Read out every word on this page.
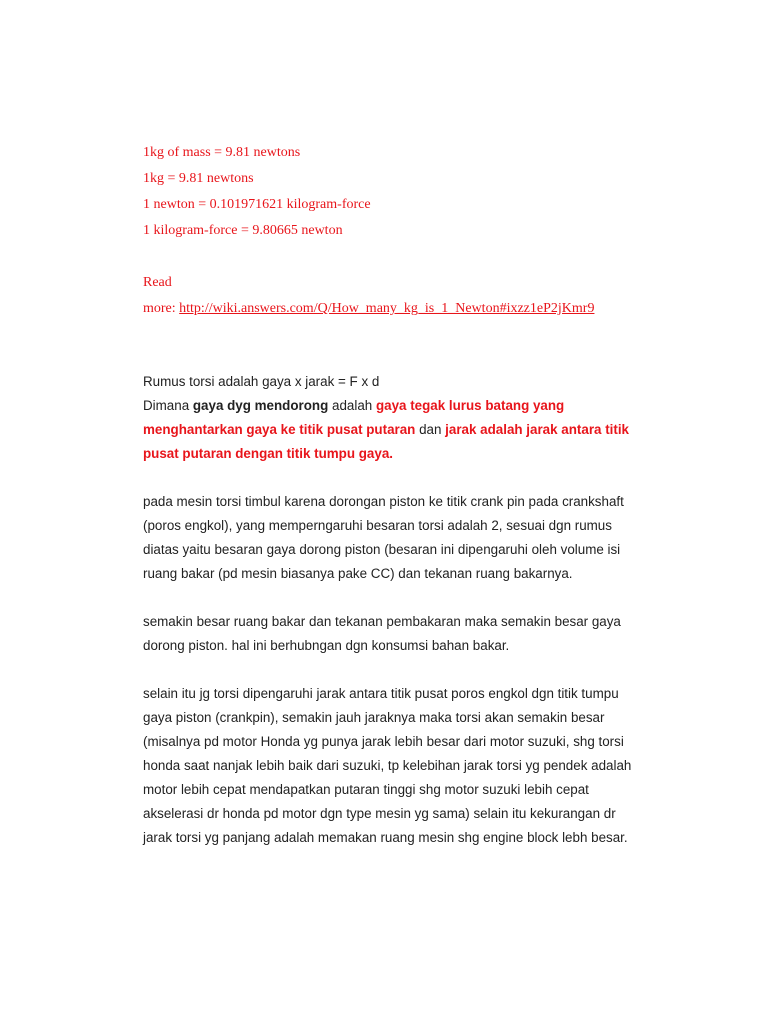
1kg of mass = 9.81 newtons

1kg = 9.81 newtons

1 newton = 0.101971621 kilogram-force

1 kilogram-force = 9.80665 newton

Read

more: http://wiki.answers.com/Q/How_many_kg_is_1_Newton#ixzz1eP2jKmr9

Rumus torsi adalah gaya x jarak = F x d

Dimana gaya dyg mendorong adalah gaya tegak lurus batang yang

menghantarkan gaya ke titik pusat putaran dan jarak adalah jarak antara titik

pusat putaran dengan titik tumpu gaya.

pada mesin torsi timbul karena dorongan piston ke titik crank pin pada crankshaft

(poros engkol), yang memperngaruhi besaran torsi adalah 2, sesuai dgn rumus

diatas yaitu besaran gaya dorong piston (besaran ini dipengaruhi oleh volume isi

ruang bakar (pd mesin biasanya pake CC) dan tekanan ruang bakarnya.

semakin besar ruang bakar dan tekanan pembakaran maka semakin besar gaya

dorong piston. hal ini berhubngan dgn konsumsi bahan bakar.

selain itu jg torsi dipengaruhi jarak antara titik pusat poros engkol dgn titik tumpu

gaya piston (crankpin), semakin jauh jaraknya maka torsi akan semakin besar

(misalnya pd motor Honda yg punya jarak lebih besar dari motor suzuki, shg torsi

honda saat nanjak lebih baik dari suzuki, tp kelebihan jarak torsi yg pendek adalah

motor lebih cepat mendapatkan putaran tinggi shg motor suzuki lebih cepat

akselerasi dr honda pd motor dgn type mesin yg sama) selain itu kekurangan dr

jarak torsi yg panjang adalah memakan ruang mesin shg engine block lebh besar.
